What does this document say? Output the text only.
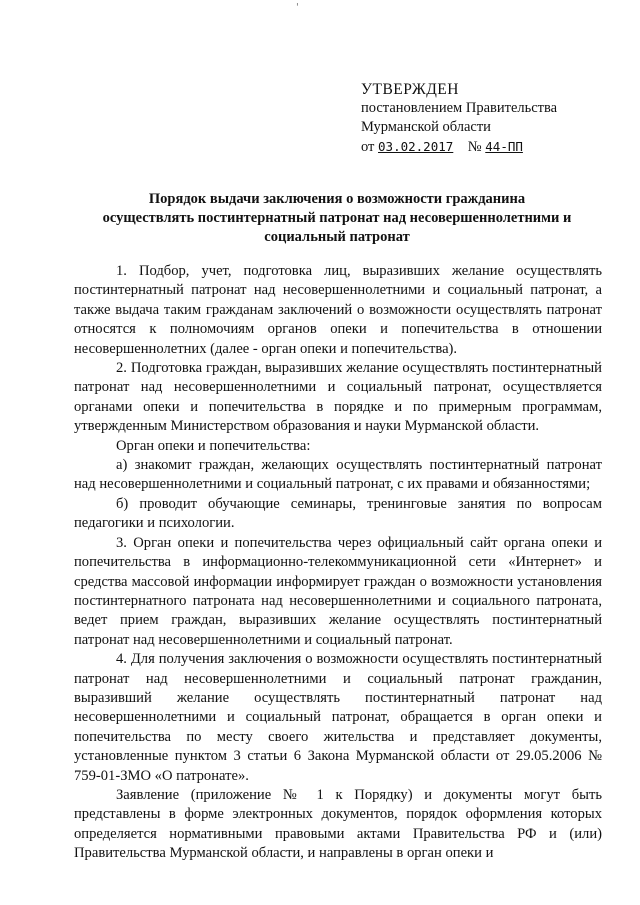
'
УТВЕРЖДЕН
постановлением Правительства
Мурманской области
от 03.02.2017 № 44-ПП
Порядок выдачи заключения о возможности гражданина
осуществлять постинтернатный патронат над несовершеннолетними и
социальный патронат

1. Подбор, учет, подготовка лиц, выразивших желание осуществлять постинтернатный патронат над несовершеннолетними и социальный патронат, а также выдача таким гражданам заключений о возможности осуществлять патронат относятся к полномочиям органов опеки и попечительства в отношении несовершеннолетних (далее - орган опеки и попечительства).

2. Подготовка граждан, выразивших желание осуществлять постинтернатный патронат над несовершеннолетними и социальный патронат, осуществляется органами опеки и попечительства в порядке и по примерным программам, утвержденным Министерством образования и науки Мурманской области.

Орган опеки и попечительства:

а) знакомит граждан, желающих осуществлять постинтернатный патронат над несовершеннолетними и социальный патронат, с их правами и обязанностями;

б) проводит обучающие семинары, тренинговые занятия по вопросам педагогики и психологии.

3. Орган опеки и попечительства через официальный сайт органа опеки и попечительства в информационно-телекоммуникационной сети «Интернет» и средства массовой информации информирует граждан о возможности установления постинтернатного патроната над несовершеннолетними и социального патроната, ведет прием граждан, выразивших желание осуществлять постинтернатный патронат над несовершеннолетними и социальный патронат.

4. Для получения заключения о возможности осуществлять постинтернатный патронат над несовершеннолетними и социальный патронат гражданин, выразивший желание осуществлять постинтернатный патронат над несовершеннолетними и социальный патронат, обращается в орган опеки и попечительства по месту своего жительства и представляет документы, установленные пунктом 3 статьи 6 Закона Мурманской области от 29.05.2006 № 759-01-ЗМО «О патронате».

Заявление (приложение № 1 к Порядку) и документы могут быть представлены в форме электронных документов, порядок оформления которых определяется нормативными правовыми актами Правительства РФ и (или) Правительства Мурманской области, и направлены в орган опеки и
